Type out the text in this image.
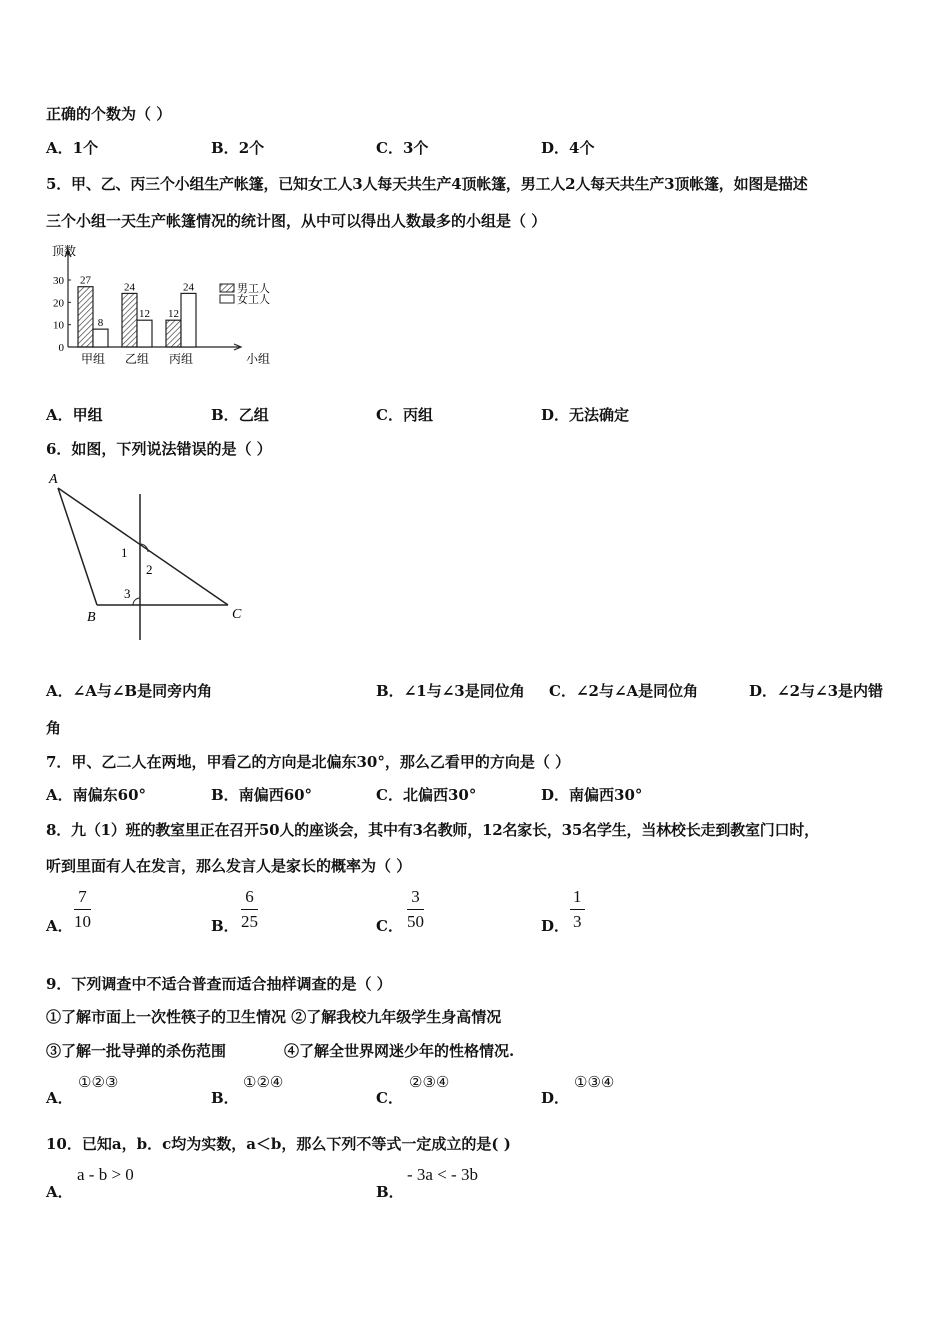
正确的个数为（ ）
A．1个	B．2个	C．3个	D．4个
5．甲、乙、丙三个小组生产帐篷，已知女工人3人每天共生产4顶帐篷，男工人2人每天共生产3顶帐篷，如图是描述
三个小组一天生产帐篷情况的统计图，从中可以得出人数最多的小组是（ ）
顶数
小组
0
10
20
30 27
8
甲组
24
12
乙组
12
24
丙组
男工人
女工人
A．甲组	B．乙组	C．丙组	D．无法确定
6．如图，下列说法错误的是（ ）
A
B	C
1
2
3
A．∠A与∠B是同旁内角	B．∠1与∠3是同位角 C．∠2与∠A是同位角	D．∠2与∠3是内错
角
7．甲、乙二人在两地，甲看乙的方向是北偏东30°，那么乙看甲的方向是（ ）
A．南偏东60°	B．南偏西60°	C．北偏西30°	D．南偏西30°
8．九（1）班的教室里正在召开50人的座谈会，其中有3名教师，12名家长，35名学生，当林校长走到教室门口时，
听到里面有人在发言，那么发言人是家长的概率为（ ）
A．
7
10	B．
6
25	C．
3
50	D．
1
3
9．下列调查中不适合普查而适合抽样调查的是（ ）
①了解市面上一次性筷子的卫生情况 ②了解我校九年级学生身高情况
③了解一批导弹的杀伤范围	④了解全世界网迷少年的性格情况.
A．
①②③
B．
①②④
C．
②③④
D．
①③④
10．已知a，b．c均为实数，a＜b，那么下列不等式一定成立的是( )
A．
a - b > 0
B．
- 3a < - 3b
